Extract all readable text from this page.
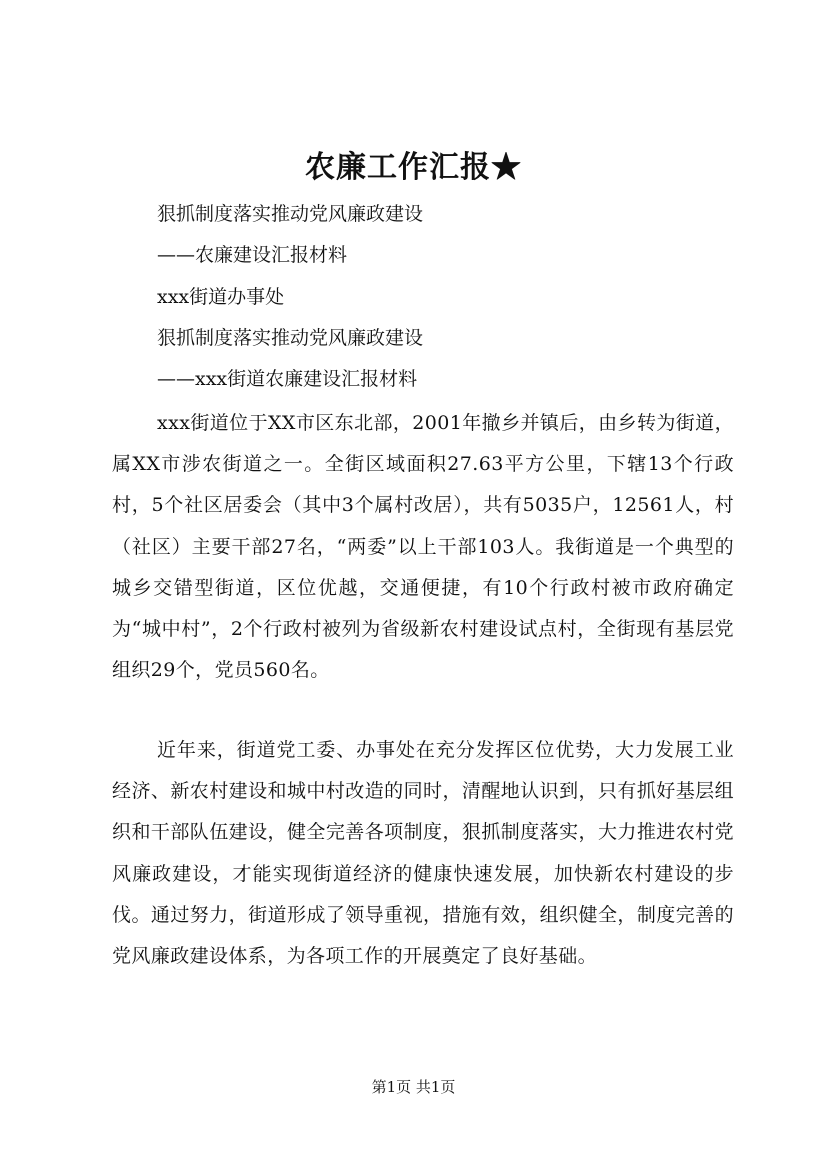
农廉工作汇报★
狠抓制度落实推动党风廉政建设
——农廉建设汇报材料
xxx街道办事处
狠抓制度落实推动党风廉政建设
——xxx街道农廉建设汇报材料

xxx街道位于XX市区东北部，2001年撤乡并镇后，由乡转为街道，属XX市涉农街道之一。全街区域面积27.63平方公里，下辖13个行政村，5个社区居委会（其中3个属村改居），共有5035户，12561人，村（社区）主要干部27名，“两委”以上干部103人。我街道是一个典型的城乡交错型街道，区位优越，交通便捷，有10个行政村被市政府确定为“城中村”，2个行政村被列为省级新农村建设试点村，全街现有基层党组织29个，党员560名。

近年来，街道党工委、办事处在充分发挥区位优势，大力发展工业经济、新农村建设和城中村改造的同时，清醒地认识到，只有抓好基层组织和干部队伍建设，健全完善各项制度，狠抓制度落实，大力推进农村党风廉政建设，才能实现街道经济的健康快速发展，加快新农村建设的步伐。通过努力，街道形成了领导重视，措施有效，组织健全，制度完善的党风廉政建设体系，为各项工作的开展奠定了良好基础。

第1页 共1页
